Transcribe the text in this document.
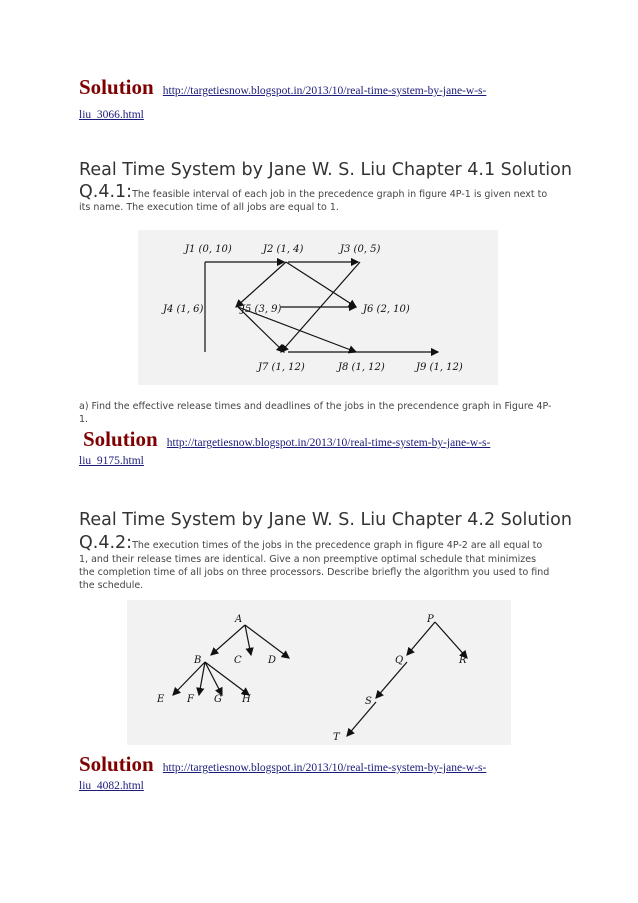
Solution http://targetiesnow.blogspot.in/2013/10/real-time-system-by-jane-w-s-
liu_3066.html
Real Time System by Jane W. S. Liu Chapter 4.1 Solution
Q.4.1:The feasible interval of each job in the precedence graph in figure 4P-1 is given next to
its name. The execution time of all jobs are equal to 1.
J1 (0, 10)	J2 (1, 4)	J3 (0, 5)
J4 (1, 6)	J5 (3, 9)	J6 (2, 10)
J7 (1, 12)	J8 (1, 12)	J9 (1, 12)
a) Find the effective release times and deadlines of the jobs in the precendence graph in Figure 4P-
1.
Solution http://targetiesnow.blogspot.in/2013/10/real-time-system-by-jane-w-s-
liu_9175.html
Real Time System by Jane W. S. Liu Chapter 4.2 Solution
Q.4.2:The execution times of the jobs in the precedence graph in figure 4P-2 are all equal to
1, and their release times are identical. Give a non preemptive optimal schedule that minimizes
the completion time of all jobs on three processors. Describe briefly the algorithm you used to find
the schedule.
A
B	C	D
E F G H
P
Q	R
S
T
Solution http://targetiesnow.blogspot.in/2013/10/real-time-system-by-jane-w-s-
liu_4082.html
